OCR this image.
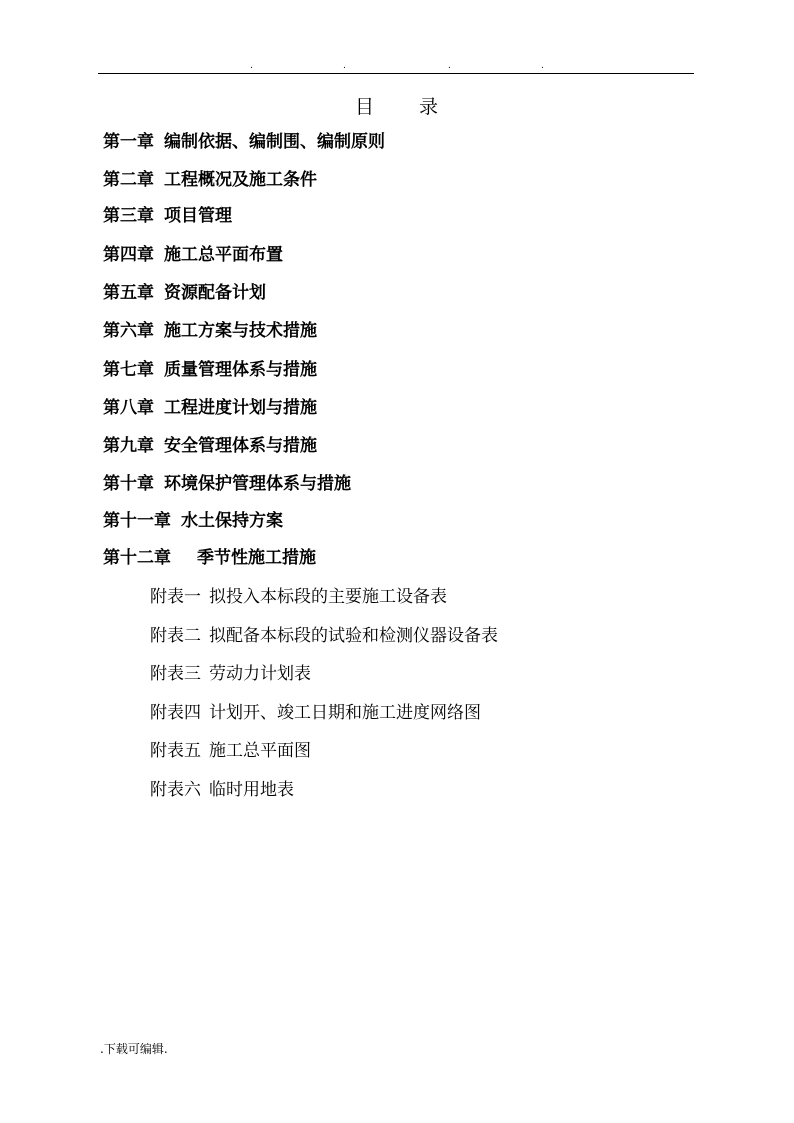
.	.	.	.
目 录
第一章 编制依据、编制围、编制原则
第二章 工程概况及施工条件
第三章 项目管理
第四章 施工总平面布置
第五章 资源配备计划
第六章 施工方案与技术措施
第七章 质量管理体系与措施
第八章 工程进度计划与措施
第九章 安全管理体系与措施
第十章 环境保护管理体系与措施
第十一章 水土保持方案
第十二章 季节性施工措施
附表一 拟投入本标段的主要施工设备表
附表二 拟配备本标段的试验和检测仪器设备表
附表三 劳动力计划表
附表四 计划开、竣工日期和施工进度网络图
附表五 施工总平面图
附表六 临时用地表
.下载可编辑.
